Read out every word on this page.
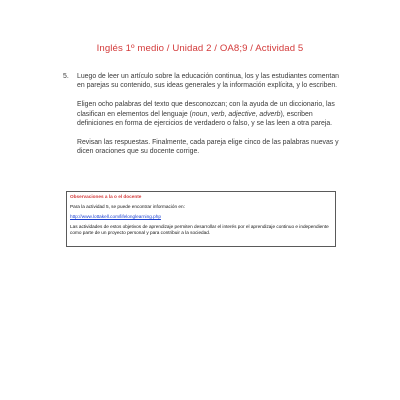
Inglés 1º medio / Unidad 2 / OA8;9 / Actividad 5
5. Luego de leer un artículo sobre la educación continua, los y las estudiantes comentan en parejas su contenido, sus ideas generales y la información explícita, y lo escriben.

Eligen ocho palabras del texto que desconozcan; con la ayuda de un diccionario, las clasifican en elementos del lenguaje (noun, verb, adjective, adverb), escriben definiciones en forma de ejercicios de verdadero o falso, y se las leen a otra pareja.

Revisan las respuestas. Finalmente, cada pareja elige cinco de las palabras nuevas y dicen oraciones que su docente corrige.

Observaciones a la o el docente
Para la actividad 5, se puede encontrar información en:
http://www.lottakell.com/lifelonglearning.php
Las actividades de estos objetivos de aprendizaje permiten desarrollar el interés por el aprendizaje continuo e independiente como parte de un proyecto personal y para contribuir a la sociedad.
